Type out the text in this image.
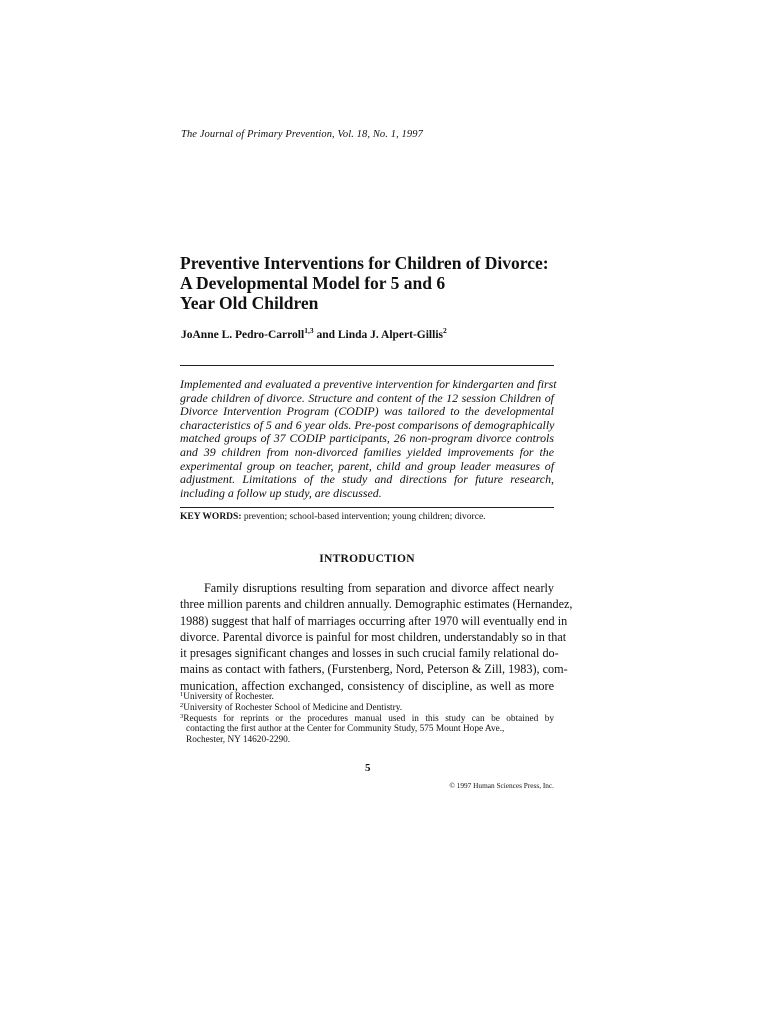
The Journal of Primary Prevention, Vol. 18, No. 1, 1997
Preventive Interventions for Children of Divorce:
A Developmental Model for 5 and 6
Year Old Children
JoAnne L. Pedro-Carroll$^{1,3}$ and Linda J. Alpert-Gillis$^2$
Implemented and evaluated a preventive intervention for kindergarten and first
grade children of divorce. Structure and content of the 12 session Children of
Divorce Intervention Program (CODIP) was tailored to the developmental
characteristics of 5 and 6 year olds. Pre-post comparisons of demographically
matched groups of 37 CODIP participants, 26 non-program divorce controls
and 39 children from non-divorced families yielded improvements for the
experimental group on teacher, parent, child and group leader measures of
adjustment. Limitations of the study and directions for future research,
including a follow up study, are discussed.
KEY WORDS: prevention; school-based intervention; young children; divorce.
INTRODUCTION
Family disruptions resulting from separation and divorce affect nearly
three million parents and children annually. Demographic estimates (Hernandez,
1988) suggest that half of marriages occurring after 1970 will eventually end in
divorce. Parental divorce is painful for most children, understandably so in that
it presages significant changes and losses in such crucial family relational do-
mains as contact with fathers, (Furstenberg, Nord, Peterson & Zill, 1983), com-
munication, affection exchanged, consistency of discipline, as well as more
$^1$University of Rochester.
$^2$University of Rochester School of Medicine and Dentistry.
$^3$Requests for reprints or the procedures manual used in this study can be obtained by
contacting the first author at the Center for Community Study, 575 Mount Hope Ave.,
Rochester, NY 14620-2290.
5
© 1997 Human Sciences Press, Inc.
